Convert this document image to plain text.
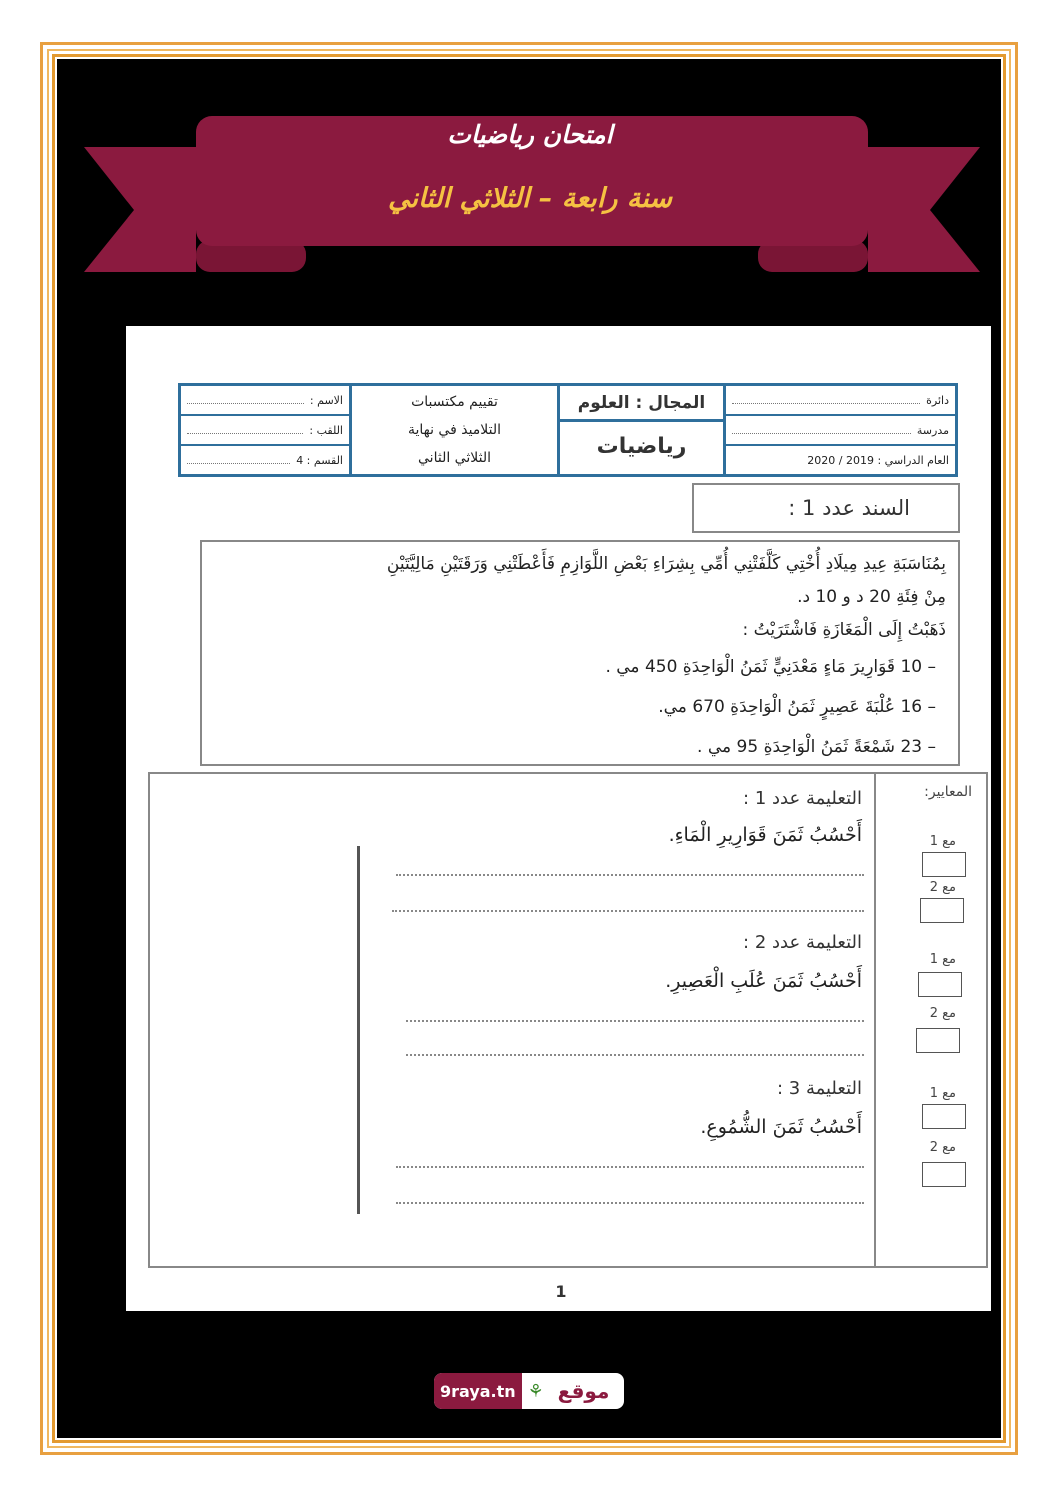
امتحان رياضيات
سنة رابعة – الثلاثي الثاني
الاسم :
اللقب :
القسم : 4
تقييم مكتسبات
التلاميذ في نهاية
الثلاثي الثاني
المجال : العلوم
رياضيات
دائرة
مدرسة
العام الدراسي : 2019 / 2020
السند عدد 1 :

بِمُنَاسَبَةِ عِيدِ مِيلَادِ أُخْتِي كَلَّفَتْنِي أُمِّي بِشِرَاءِ بَعْضِ اللَّوَازِمِ فَأَعْطَتْنِي وَرَقَتَيْنِ مَالِيَّتَيْنِ

مِنْ فِئَةِ 20 د و 10 د.

ذَهَبْتُ إِلَى الْمَغَازَةِ فَاشْتَرَيْتُ :

– 10 قَوَارِيرَ مَاءٍ مَعْدَنِيٍّ ثَمَنُ الْوَاحِدَةِ 450 مي .
– 16 عُلْبَةَ عَصِيرٍ ثَمَنُ الْوَاحِدَةِ 670 مي.
– 23 شَمْعَةً ثَمَنُ الْوَاحِدَةِ 95 مي .
المعايير:
مع 1
مع 2
مع 1
مع 2
مع 1
مع 2
التعليمة عدد 1 :
أَحْسُبُ ثَمَنَ قَوَارِيرِ الْمَاءِ.
التعليمة عدد 2 :
أَحْسُبُ ثَمَنَ عُلَبِ الْعَصِيرِ.
التعليمة 3 :
أَحْسُبُ ثَمَنَ الشُّمُوعِ.
1
9raya.tn ⚘ موقع
